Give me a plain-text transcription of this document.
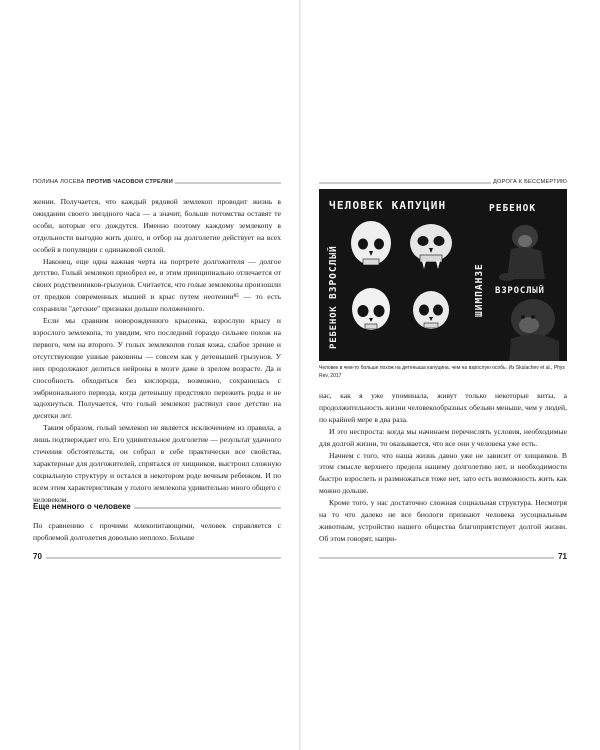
ПОЛИНА ЛОСЕВА
ПРОТИВ ЧАСОВОЙ СТРЕЛКИ

жении. Получается, что каждый рядовой землекоп проводит жизнь в ожидании своего звездного часа — а значит, больше потомства оставят те особи, которые его дождутся. Именно поэтому каждому землекопу в отдельности выгодно жить долго, и отбор на долголетие действует на всех особей в популяции с одинаковой силой.

Наконец, еще одна важная черта на портрете долгожителя — долгое детство. Голый землекоп приобрел ее, и этим принципиально отличается от своих родственников-грызунов. Считается, что голые землекопы произошли от предков современных мышей и крыс путем неотении⁸⁵ — то есть сохранили "детские" признаки дольше положенного.

Если мы сравним новорожденного крысенка, взрослую крысу и взрослого землекопа, то увидим, что последний гораздо сильнее похож на первого, чем на второго. У голых землекопов голая кожа, слабое зрение и отсутствующие ушные раковины — совсем как у детенышей грызунов. У них продолжают делиться нейроны в мозге даже в зрелом возрасте. Да и способность обходиться без кислорода, возможно, сохранилась с эмбрионального периода, когда детенышу предстояло пережить роды и не задохнуться. Получается, что голый землекоп растянул свое детство на десятки лет.

Таким образом, голый землекоп не является исключением из правила, а лишь подтверждает его. Его удивительное долголетие — результат удачного стечения обстоятельств, он собрал в себе практически все свойства, характерные для долгожителей, спрятался от хищников, выстроил сложную социальную структуру и остался в некотором роде вечным ребенком. И по всем этим характеристикам у голого землекопа удивительно много общего с человеком.

Еще немного о человеке

По сравнению с прочими млекопитающими, человек справляется с проблемой долголетия довольно неплохо. Больше

70
ДОРОГА К БЕССМЕРТИЮ
ЧЕЛОВЕК КАПУЦИН	РЕБЕНОК
ВЗРОСЛЫЙ
РЕБЕНОК
ШИМПАНЗЕ ВЗРОСЛЫЙ
Человек в чем-то больше похож на детеныша капуцина, чем на взрослую особь. Из Skulachev et al., Phys Rev, 2017

нас, как я уже упоминала, живут только некоторые киты, а продолжительность жизни человекообразных обезьян меньше, чем у людей, по крайней мере в два раза.

И это неспроста: когда мы начинаем перечислять условия, необходимые для долгой жизни, то оказывается, что все они у человека уже есть.

Начнем с того, что наша жизнь давно уже не зависит от хищников. В этом смысле верхнего предела нашему долголетию нет, и необходимости быстро взрослеть и размножаться тоже нет, зато есть возможность жить как можно дольше.

Кроме того, у нас достаточно сложная социальная структура. Несмотря на то что далеко не все биологи признают человека эусоциальным животным, устройство нашего общества благоприятствует долгой жизни. Об этом говорят, напри-

71
